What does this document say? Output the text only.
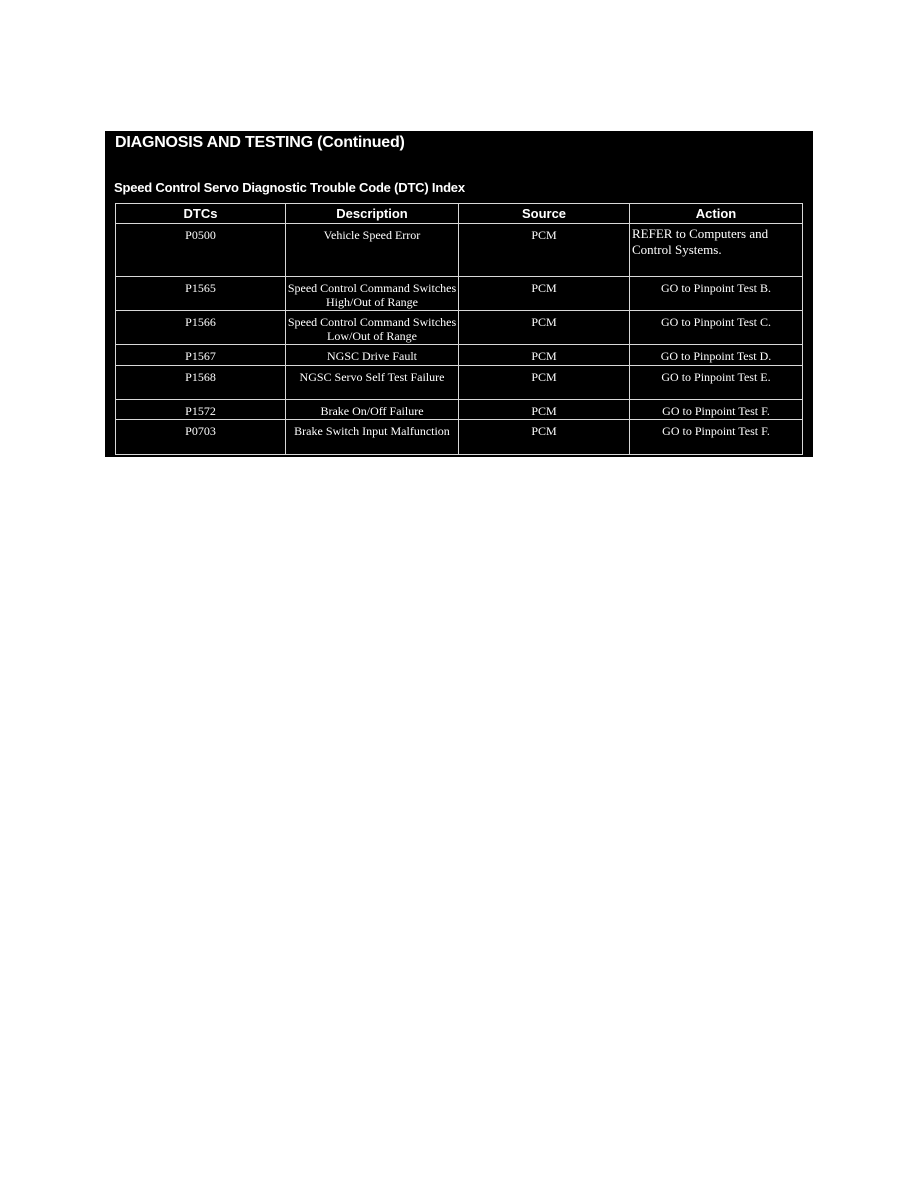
DIAGNOSIS AND TESTING (Continued)
Speed Control Servo Diagnostic Trouble Code (DTC) Index
DTCs	Description	Source	Action
P0500	Vehicle Speed Error	PCM	REFER to Computers and Control Systems.
P1565	Speed Control Command Switches High/Out of Range	PCM	GO to Pinpoint Test B.
P1566	Speed Control Command Switches Low/Out of Range	PCM	GO to Pinpoint Test C.
P1567	NGSC Drive Fault	PCM	GO to Pinpoint Test D.
P1568	NGSC Servo Self Test Failure	PCM	GO to Pinpoint Test E.
P1572	Brake On/Off Failure	PCM	GO to Pinpoint Test F.
P0703	Brake Switch Input Malfunction	PCM	GO to Pinpoint Test F.
